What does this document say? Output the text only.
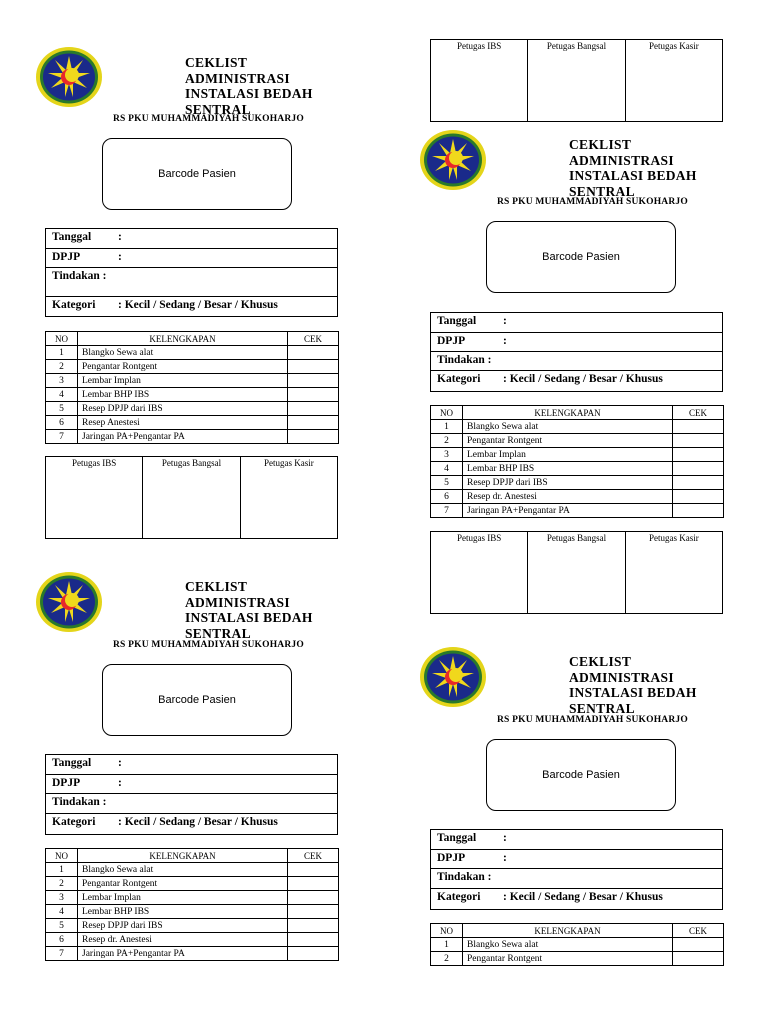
Petugas IBS	Petugas Bangsal	Petugas Kasir
CEKLIST
ADMINISTRASI
INSTALASI BEDAH
SENTRAL
RS PKU MUHAMMADIYAH SUKOHARJO
Barcode Pasien
Tanggal :
DPJP	:
Tindakan :
Kategori : Kecil / Sedang / Besar / Khusus
NO	KELENGKAPAN	CEK
1	Blangko Sewa alat	
2	Pengantar Rontgent	
3	Lembar Implan	
4	Lembar BHP IBS	
5	Resep DPJP dari IBS	
6	Resep Anestesi	
7	Jaringan PA+Pengantar PA	
Petugas IBS	Petugas Bangsal	Petugas Kasir
CEKLIST
ADMINISTRASI
INSTALASI BEDAH
SENTRAL
RS PKU MUHAMMADIYAH SUKOHARJO
Barcode Pasien
Tanggal :
DPJP	:
Tindakan :
Kategori : Kecil / Sedang / Besar / Khusus
NO	KELENGKAPAN	CEK
1	Blangko Sewa alat	
2	Pengantar Rontgent	
3	Lembar Implan	
4	Lembar BHP IBS	
5	Resep DPJP dari IBS	
6	Resep dr. Anestesi	
7	Jaringan PA+Pengantar PA	
Petugas IBS	Petugas Bangsal	Petugas Kasir
CEKLIST
ADMINISTRASI
INSTALASI BEDAH
SENTRAL
RS PKU MUHAMMADIYAH SUKOHARJO
Barcode Pasien
Tanggal :
DPJP	:
Tindakan :
Kategori : Kecil / Sedang / Besar / Khusus
NO	KELENGKAPAN	CEK
1	Blangko Sewa alat	
2	Pengantar Rontgent	
3	Lembar Implan	
4	Lembar BHP IBS	
5	Resep DPJP dari IBS	
6	Resep dr. Anestesi	
7	Jaringan PA+Pengantar PA	
CEKLIST
ADMINISTRASI
INSTALASI BEDAH
SENTRAL
RS PKU MUHAMMADIYAH SUKOHARJO
Barcode Pasien
Tanggal :
DPJP	:
Tindakan :
Kategori : Kecil / Sedang / Besar / Khusus
NO	KELENGKAPAN	CEK
1	Blangko Sewa alat	
2	Pengantar Rontgent	
